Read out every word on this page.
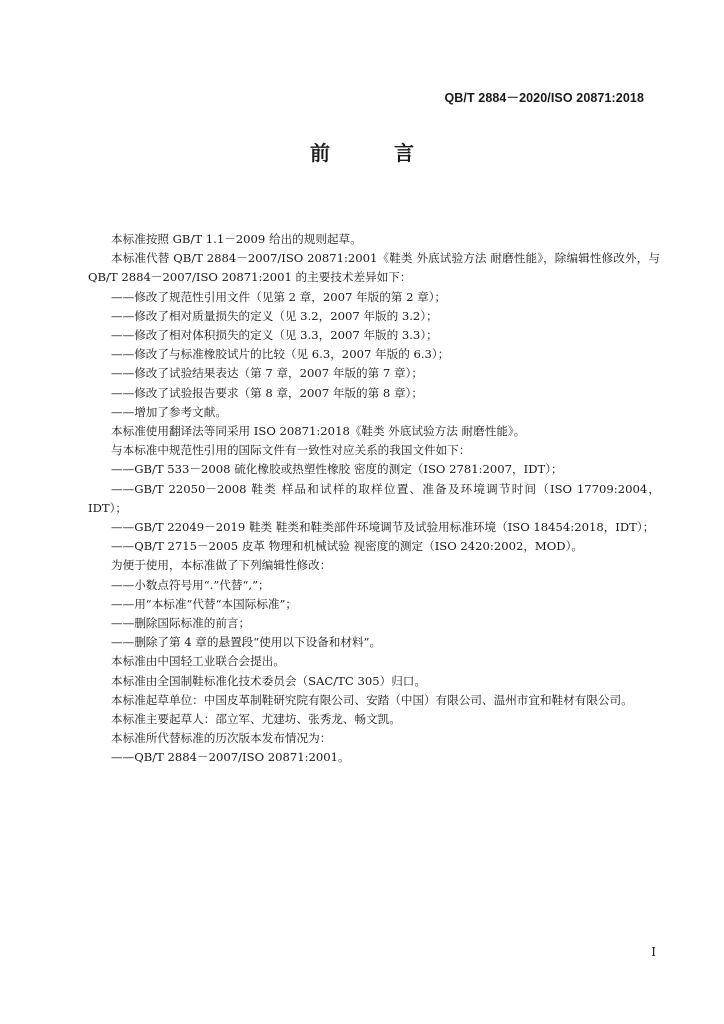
QB/T 2884－2020/ISO 20871:2018
前　言

本标准按照 GB/T 1.1－2009 给出的规则起草。

本标准代替 QB/T 2884－2007/ISO 20871:2001《鞋类 外底试验方法 耐磨性能》，除编辑性修改外，与 QB/T 2884－2007/ISO 20871:2001 的主要技术差异如下：

——修改了规范性引用文件（见第 2 章，2007 年版的第 2 章）；

——修改了相对质量损失的定义（见 3.2，2007 年版的 3.2）；

——修改了相对体积损失的定义（见 3.3，2007 年版的 3.3）；

——修改了与标准橡胶试片的比较（见 6.3，2007 年版的 6.3）；

——修改了试验结果表达（第 7 章，2007 年版的第 7 章）；

——修改了试验报告要求（第 8 章，2007 年版的第 8 章）；

——增加了参考文献。

本标准使用翻译法等同采用 ISO 20871:2018《鞋类 外底试验方法 耐磨性能》。

与本标准中规范性引用的国际文件有一致性对应关系的我国文件如下：

——GB/T 533－2008 硫化橡胶或热塑性橡胶 密度的测定（ISO 2781:2007，IDT）；

——GB/T 22050－2008 鞋类 样品和试样的取样位置、准备及环境调节时间（ISO 17709:2004，IDT）；

——GB/T 22049－2019 鞋类 鞋类和鞋类部件环境调节及试验用标准环境（ISO 18454:2018，IDT）；

——QB/T 2715－2005 皮革 物理和机械试验 视密度的测定（ISO 2420:2002，MOD）。

为便于使用，本标准做了下列编辑性修改：

——小数点符号用“.”代替“,”；

——用“本标准”代替“本国际标准”；

——删除国际标准的前言；

——删除了第 4 章的悬置段“使用以下设备和材料”。

本标准由中国轻工业联合会提出。

本标准由全国制鞋标准化技术委员会（SAC/TC 305）归口。

本标准起草单位：中国皮革制鞋研究院有限公司、安踏（中国）有限公司、温州市宜和鞋材有限公司。

本标准主要起草人：邵立军、尤建坊、张秀龙、畅文凯。

本标准所代替标准的历次版本发布情况为：

——QB/T 2884－2007/ISO 20871:2001。

I
